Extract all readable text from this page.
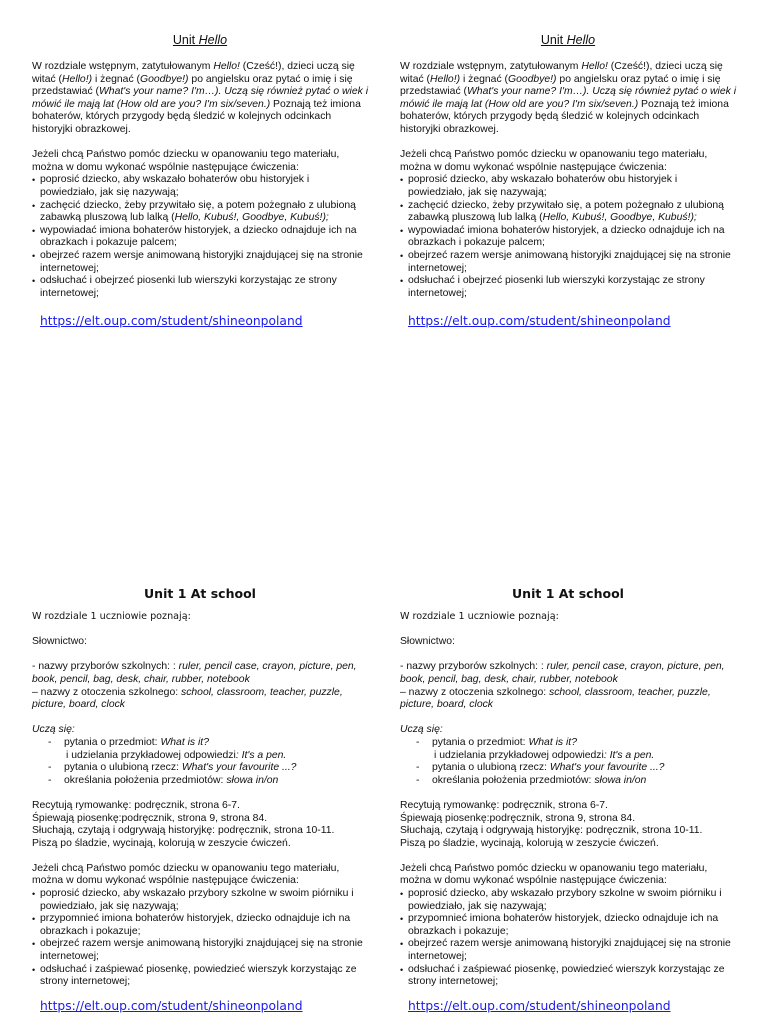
Unit Hello

W rozdziale wstępnym, zatytułowanym Hello! (Cześć!), dzieci uczą się witać (Hello!) i żegnać (Goodbye!) po angielsku oraz pytać o imię i się przedstawiać (What's your name? I'm…). Uczą się również pytać o wiek i mówić ile mają lat (How old are you? I'm six/seven.) Poznają też imiona bohaterów, których przygody będą śledzić w kolejnych odcinkach historyjki obrazkowej.

Jeżeli chcą Państwo pomóc dziecku w opanowaniu tego materiału, można w domu wykonać wspólnie następujące ćwiczenia:

• poprosić dziecko, aby wskazało bohaterów obu historyjek i powiedziało, jak się nazywają;
• zachęcić dziecko, żeby przywitało się, a potem pożegnało z ulubioną zabawką pluszową lub lalką (Hello, Kubuś!, Goodbye, Kubuś!);
• wypowiadać imiona bohaterów historyjek, a dziecko odnajduje ich na obrazkach i pokazuje palcem;
• obejrzeć razem wersje animowaną historyjki znajdującej się na stronie internetowej;
• odsłuchać i obejrzeć piosenki lub wierszyki korzystając ze strony internetowej;
https://elt.oup.com/student/shineonpoland
Unit Hello

W rozdziale wstępnym, zatytułowanym Hello! (Cześć!), dzieci uczą się witać (Hello!) i żegnać (Goodbye!) po angielsku oraz pytać o imię i się przedstawiać (What's your name? I'm…). Uczą się również pytać o wiek i mówić ile mają lat (How old are you? I'm six/seven.) Poznają też imiona bohaterów, których przygody będą śledzić w kolejnych odcinkach historyjki obrazkowej.

Jeżeli chcą Państwo pomóc dziecku w opanowaniu tego materiału, można w domu wykonać wspólnie następujące ćwiczenia:

• poprosić dziecko, aby wskazało bohaterów obu historyjek i powiedziało, jak się nazywają;
• zachęcić dziecko, żeby przywitało się, a potem pożegnało z ulubioną zabawką pluszową lub lalką (Hello, Kubuś!, Goodbye, Kubuś!);
• wypowiadać imiona bohaterów historyjek, a dziecko odnajduje ich na obrazkach i pokazuje palcem;
• obejrzeć razem wersje animowaną historyjki znajdującej się na stronie internetowej;
• odsłuchać i obejrzeć piosenki lub wierszyki korzystając ze strony internetowej;
https://elt.oup.com/student/shineonpoland
Unit 1 At school

W rozdziale 1 uczniowie poznają:

Słownictwo:

- nazwy przyborów szkolnych: : ruler, pencil case, crayon, picture, pen, book, pencil, bag, desk, chair, rubber, notebook

– nazwy z otoczenia szkolnego: school, classroom, teacher, puzzle, picture, board, clock

Uczą się:

- pytania o przedmiot: What is it?
i udzielania przykładowej odpowiedzi: It's a pen.
- pytania o ulubioną rzecz: What's your favourite ...?
- określania położenia przedmiotów: słowa in/on

Recytują rymowankę: podręcznik, strona 6-7.

Śpiewają piosenkę:podręcznik, strona 9, strona 84.

Słuchają, czytają i odgrywają historyjkę: podręcznik, strona 10-11.

Piszą po śladzie, wycinają, kolorują w zeszycie ćwiczeń.

Jeżeli chcą Państwo pomóc dziecku w opanowaniu tego materiału, można w domu wykonać wspólnie następujące ćwiczenia:

• poprosić dziecko, aby wskazało przybory szkolne w swoim piórniku i powiedziało, jak się nazywają;
• przypomnieć imiona bohaterów historyjek, dziecko odnajduje ich na obrazkach i pokazuje;
• obejrzeć razem wersje animowaną historyjki znajdującej się na stronie internetowej;
• odsłuchać i zaśpiewać piosenkę, powiedzieć wierszyk korzystając ze strony internetowej;
https://elt.oup.com/student/shineonpoland
Unit 1 At school

W rozdziale 1 uczniowie poznają:

Słownictwo:

- nazwy przyborów szkolnych: : ruler, pencil case, crayon, picture, pen, book, pencil, bag, desk, chair, rubber, notebook

– nazwy z otoczenia szkolnego: school, classroom, teacher, puzzle, picture, board, clock

Uczą się:

- pytania o przedmiot: What is it?
i udzielania przykładowej odpowiedzi: It's a pen.
- pytania o ulubioną rzecz: What's your favourite ...?
- określania położenia przedmiotów: słowa in/on

Recytują rymowankę: podręcznik, strona 6-7.

Śpiewają piosenkę:podręcznik, strona 9, strona 84.

Słuchają, czytają i odgrywają historyjkę: podręcznik, strona 10-11.

Piszą po śladzie, wycinają, kolorują w zeszycie ćwiczeń.

Jeżeli chcą Państwo pomóc dziecku w opanowaniu tego materiału, można w domu wykonać wspólnie następujące ćwiczenia:

• poprosić dziecko, aby wskazało przybory szkolne w swoim piórniku i powiedziało, jak się nazywają;
• przypomnieć imiona bohaterów historyjek, dziecko odnajduje ich na obrazkach i pokazuje;
• obejrzeć razem wersje animowaną historyjki znajdującej się na stronie internetowej;
• odsłuchać i zaśpiewać piosenkę, powiedzieć wierszyk korzystając ze strony internetowej;
https://elt.oup.com/student/shineonpoland
